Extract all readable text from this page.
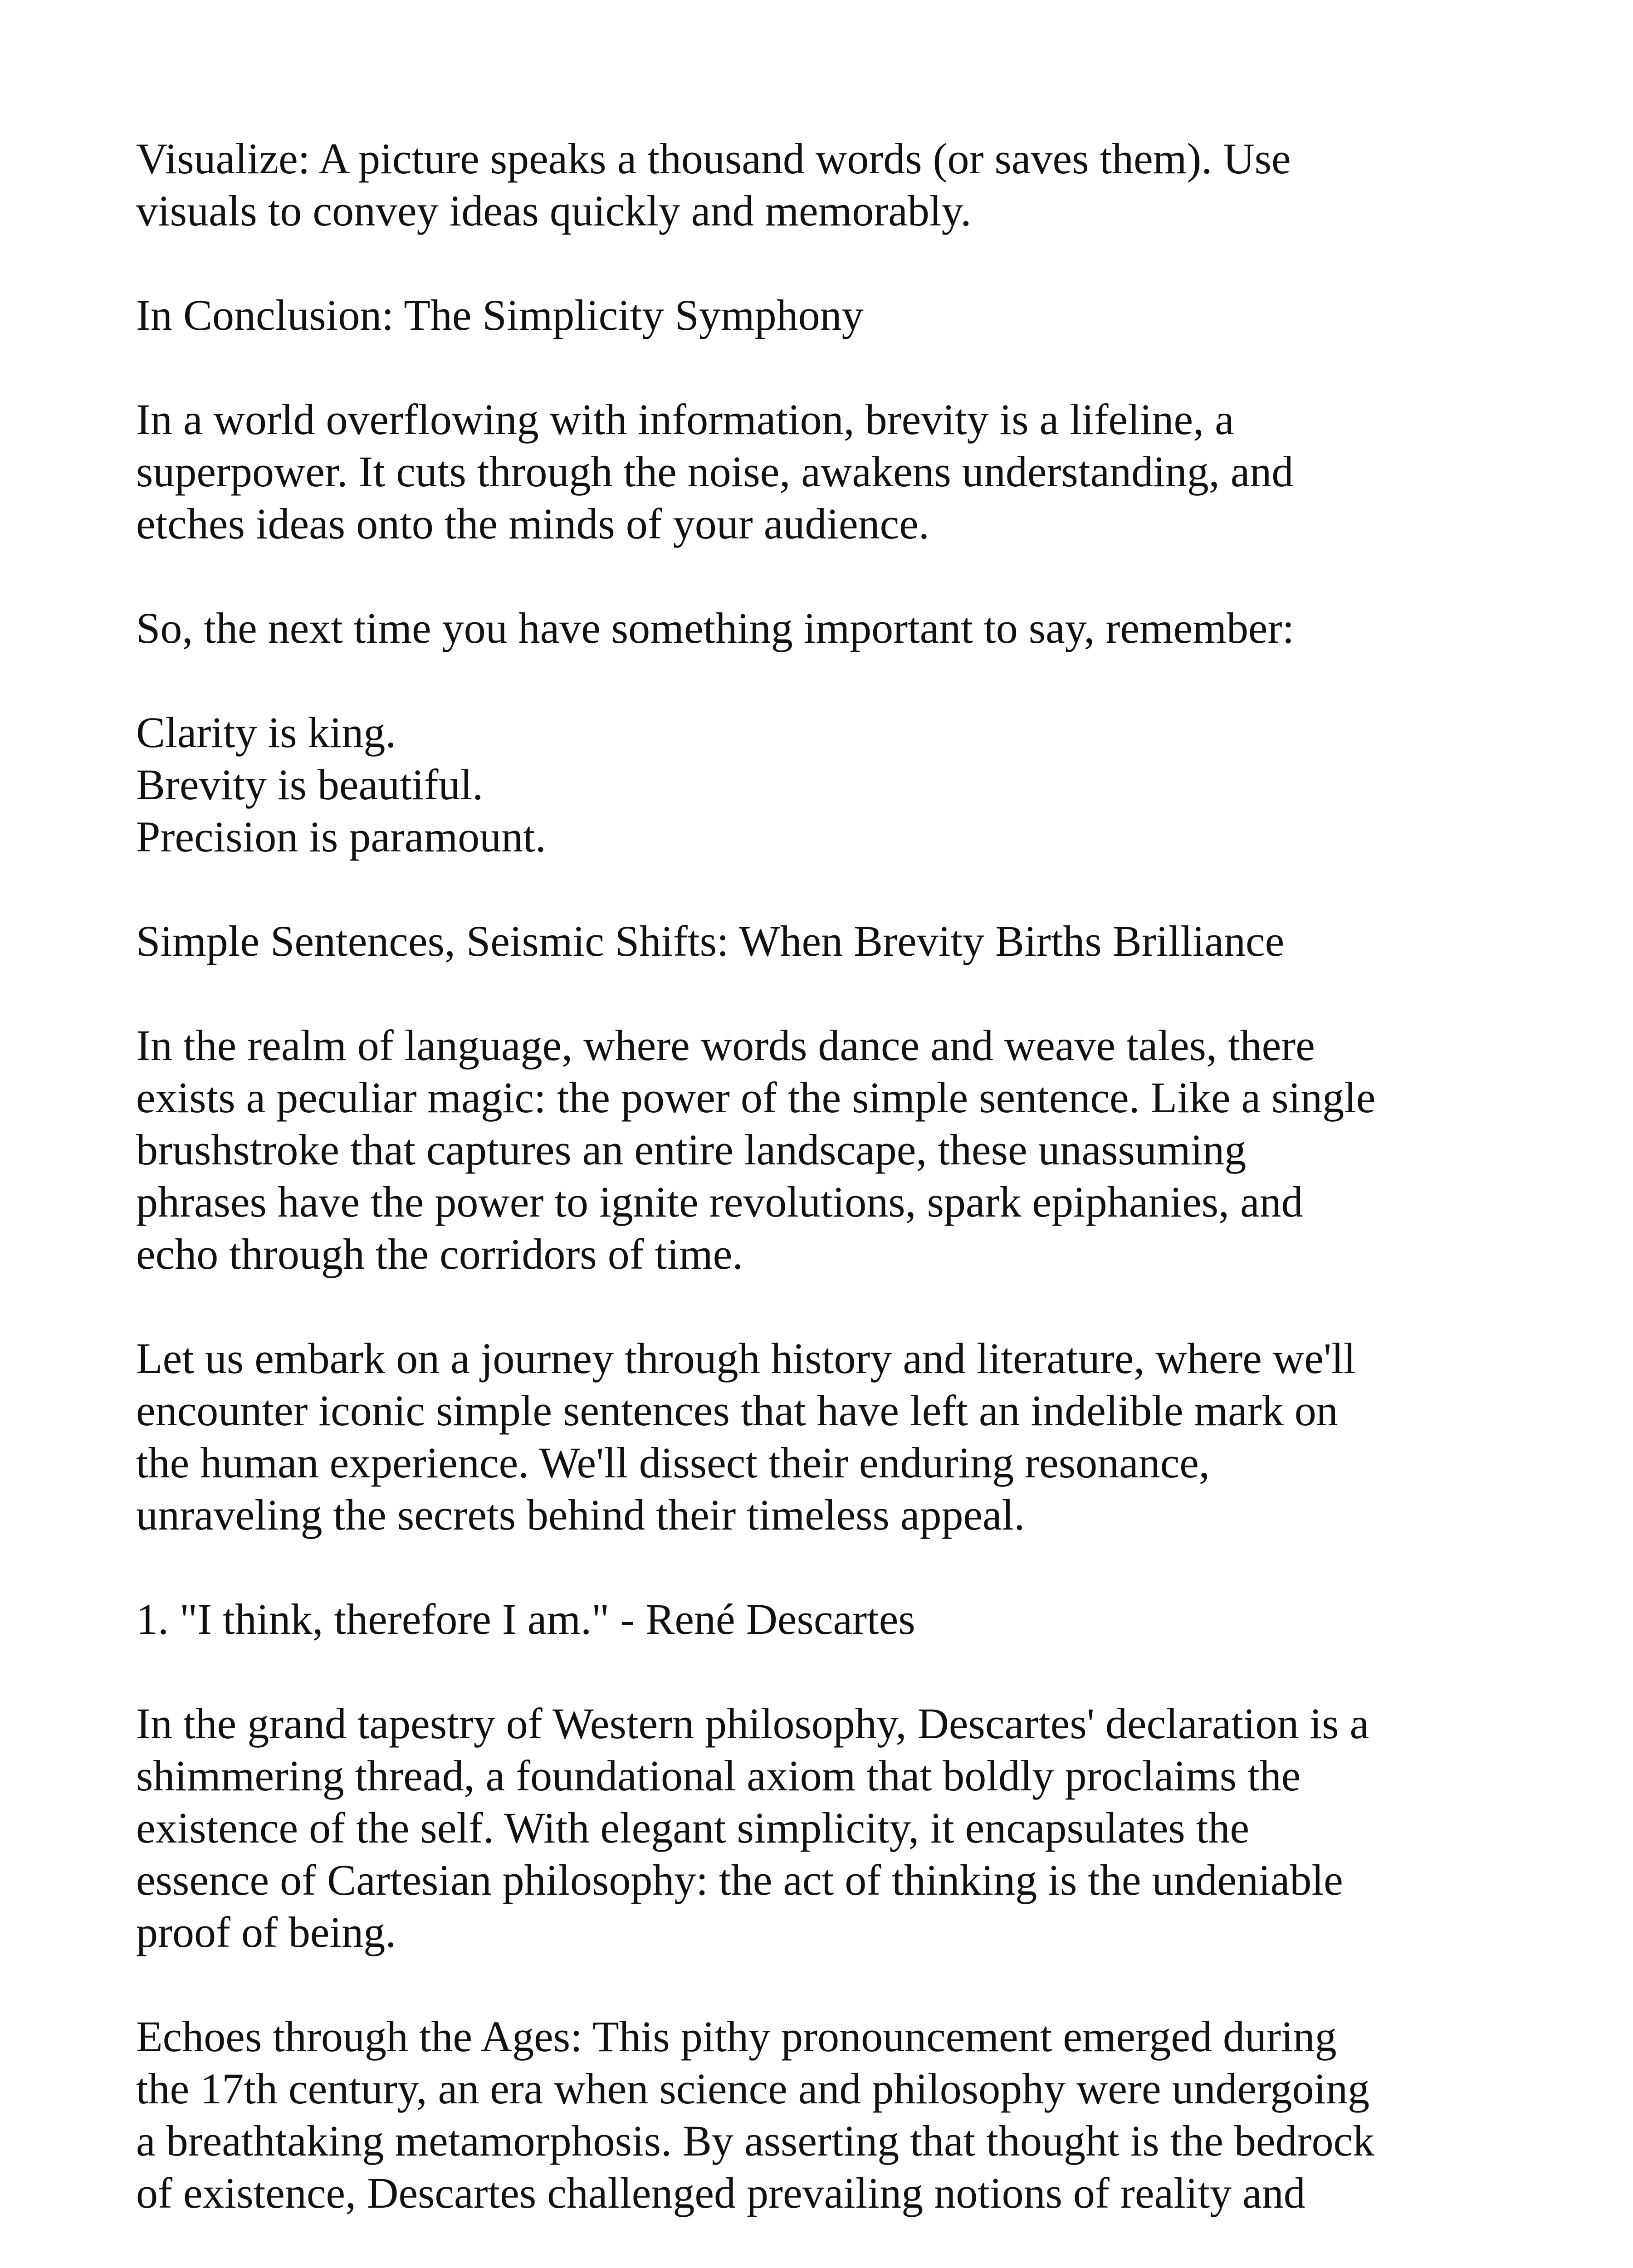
Visualize: A picture speaks a thousand words (or saves them). Use
visuals to convey ideas quickly and memorably.

In Conclusion: The Simplicity Symphony

In a world overflowing with information, brevity is a lifeline, a
superpower. It cuts through the noise, awakens understanding, and
etches ideas onto the minds of your audience.

So, the next time you have something important to say, remember:

Clarity is king.
Brevity is beautiful.
Precision is paramount.

Simple Sentences, Seismic Shifts: When Brevity Births Brilliance

In the realm of language, where words dance and weave tales, there
exists a peculiar magic: the power of the simple sentence. Like a single
brushstroke that captures an entire landscape, these unassuming
phrases have the power to ignite revolutions, spark epiphanies, and
echo through the corridors of time.

Let us embark on a journey through history and literature, where we'll
encounter iconic simple sentences that have left an indelible mark on
the human experience. We'll dissect their enduring resonance,
unraveling the secrets behind their timeless appeal.

1. "I think, therefore I am." - René Descartes

In the grand tapestry of Western philosophy, Descartes' declaration is a
shimmering thread, a foundational axiom that boldly proclaims the
existence of the self. With elegant simplicity, it encapsulates the
essence of Cartesian philosophy: the act of thinking is the undeniable
proof of being.

Echoes through the Ages: This pithy pronouncement emerged during
the 17th century, an era when science and philosophy were undergoing
a breathtaking metamorphosis. By asserting that thought is the bedrock
of existence, Descartes challenged prevailing notions of reality and
